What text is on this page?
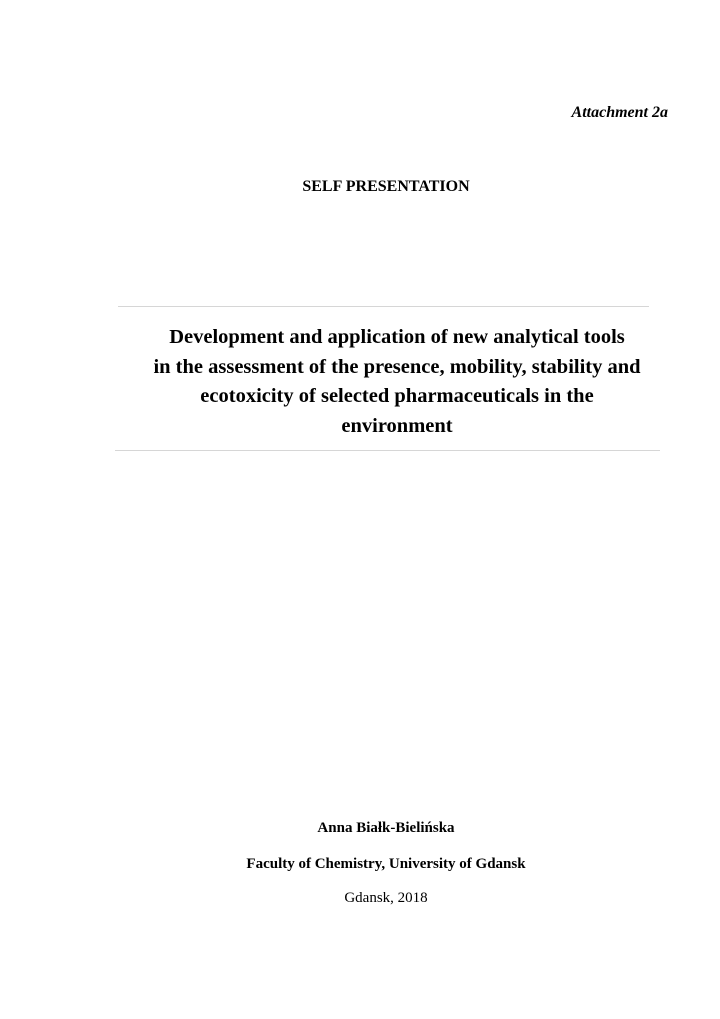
Attachment 2a
SELF PRESENTATION
Development and application of new analytical tools
in the assessment of the presence, mobility, stability and
ecotoxicity of selected pharmaceuticals in the
environment
Anna Białk-Bielińska
Faculty of Chemistry, University of Gdansk
Gdansk, 2018
